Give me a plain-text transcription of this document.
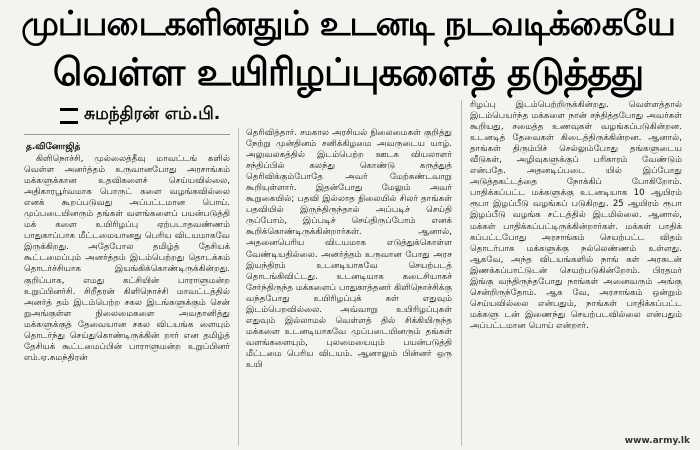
முப்படைகளினதும் உடனடி நடவடிக்கையே
வெள்ள உயிரிழப்புகளைத் தடுத்தது
சுமந்திரன் எம்.பி.
த.வினோஜித்

கிளிநொச்சி, முல்லைத்தீவு மாவட்டங் களில் வெள்ள அனர்த்தம் உருவானபோது அரசாங்கம் மக்களுக்கான உதவிகளைச் செய்யவில்லை, அதிகாரபூர்வமாக பொருட் களை வழங்கவில்லை எனக் கூறப்படுவது அப்பட்டமான பொய். முப்படையினரும் தங்கள் வளங்களைப் பயன்படுத்தி மக் களை உயிரிழப்பு ஏற்படாதவண்ணம் பாதுகாப்பாக மீட்டமையானது பெரிய விடயமாகவே இருக்கிறது. அதேபோல தமிழ்த் தேசியக் கூட்டமைப்பும் அனர்த்தம் இடம்பெற்றது தொடக்கம் தொடர்ச்சியாக இயங்கிக்கொண்டிருக்கின்றது. குறிப்பாக, எமது கட்சியின் பாராளுமன்ற உறுப்பினர்சி. சிறீதரன் கிளிநொச்சி மாவட்டத்தில் அனர்த் தம் இடம்பெற்ற சகல இடங்களுக்கும் சென் றுஅங்குள்ள நிலைமைகளை அவதானித்து மக்களுக்குத் தேவையான சகல விடயங்க ளையும் தொடர்ந்து செய்துகொண்டிருக்கின் றார் என தமிழ்த் தேசியக் கூட்டமைப்பின் பாராளுமன்ற உறுப்பினர் எம்.ஏ.சுமந்திரன்

தெரிவித்தார். சமகால அரசியல் நிலைமைகள் குறித்து நேற்று முன்தினம் சனிக்கிழமை அவருடைய யாழ். அலுவலகத்தில் இடம்பெற்ற ஊடக வியலாளர் சந்திப்பில் கலந்து கொண்டு கருத்துத் தெரிவிக்கும்போதே அவர் மேற்கண்டவாறு கூறியுள்ளார். இதன்போது மேலும் அவர் கூறுகையில்; பதவி இல்லாத நிலையில் சிலர் தாங்கள் பதவியில் இருந்திருந்தால் அப்படிச் செய்தி ருப்போம், இப்படிச் செய்திருப்போம் எனக் கூறிக்கொண்டிருக்கின்றார்கள். ஆனால், அதனைபெரிய விடயமாக எடுத்துக்கொள்ள வேண்டியதில்லை. அனர்த்தம் உருவான போது அரச இயந்திரம் உடனடியாகவே செயற்படத் தொடங்கிவிட்டது. உடனடியாக கடைசியாகச் சேர்ந்திருந்த மக்களைப் பாதுகாத்தனர் கிளிநொச்சிக்கு வந்தபோது உயிரிழப்புக் கள் எதுவும் இடம்பெறவில்லை. அவ்வாறு உயிரிழப்புகள் எதுவும் இல்லாமல் வெள்ளத் தில் சிக்கியிருந்த மக்களை உடனடியாகவே முப்படையினரும் தங்கள் வளங்களையும், புலமையையும் பயன்படுத்தி மீட்டமை பெரிய விடயம். ஆனாலும் பின்னர் ஒரு உயி

ரிழப்பு இடம்பெற்றிருக்கின்றது. வெள்ளத்தால் இடம்பெயர்ந்த மக்களை நான் சந்தித்தபோது அவர்கள் கூறியது, சமைத்த உணவுகள் வழங்கப்படுகின்றன. உடனடித் தேவைகள் கிடைத்திருக்கின்றன. ஆனால், தாங்கள் திரும்பிச் செல்லும்போது தங்களுடைய வீடுகள், அழிவுகளுக்குப் பரிகாரம் வேண்டும் என்பதே. அதனடிப்படை யில் இப்போது அடுத்தகட்டத்தை நோக்கிப் போகிறோம். பாதிக்கப்பட்ட மக்களுக்கு உடனடியாக 10 ஆயிரம் ரூபா இழப்பீடு வழங்கப் படுகிறது. 25 ஆயிரம் ரூபா இழப்பீடு வழங்க சட்டத்தில் இடமில்லை. ஆனால், மக்கள் பாதிக்கப்பட்டிருக்கின்றார்கள். மக்கள் பாதிக் கப்பட்டபோது அரசாங்கம் செயற்பட்ட விதம் தொடர்பாக மக்களுக்கு நல்லெண்ணம் உள்ளது. ஆகவே, அந்த விடயங்களில் நாங் கள் அரசுடன் இணக்கப்பாட்டுடன் செயற்படுகின்றோம். பிரதமர் இங்கு வந்திருந்தபோது நாங்கள் அனைவரும் அங்கு சென்றிருந்தோம். ஆக வே, அரசாங்கம் ஒன்றும் செய்யவில்லை என்பதும், நாங்கள் பாதிக்கப்பட்ட மக்களு டன் இணைந்து செயற்படவில்லை என்பதும் அப்பட்டமான பொய் என்றார்.

www.army.lk
